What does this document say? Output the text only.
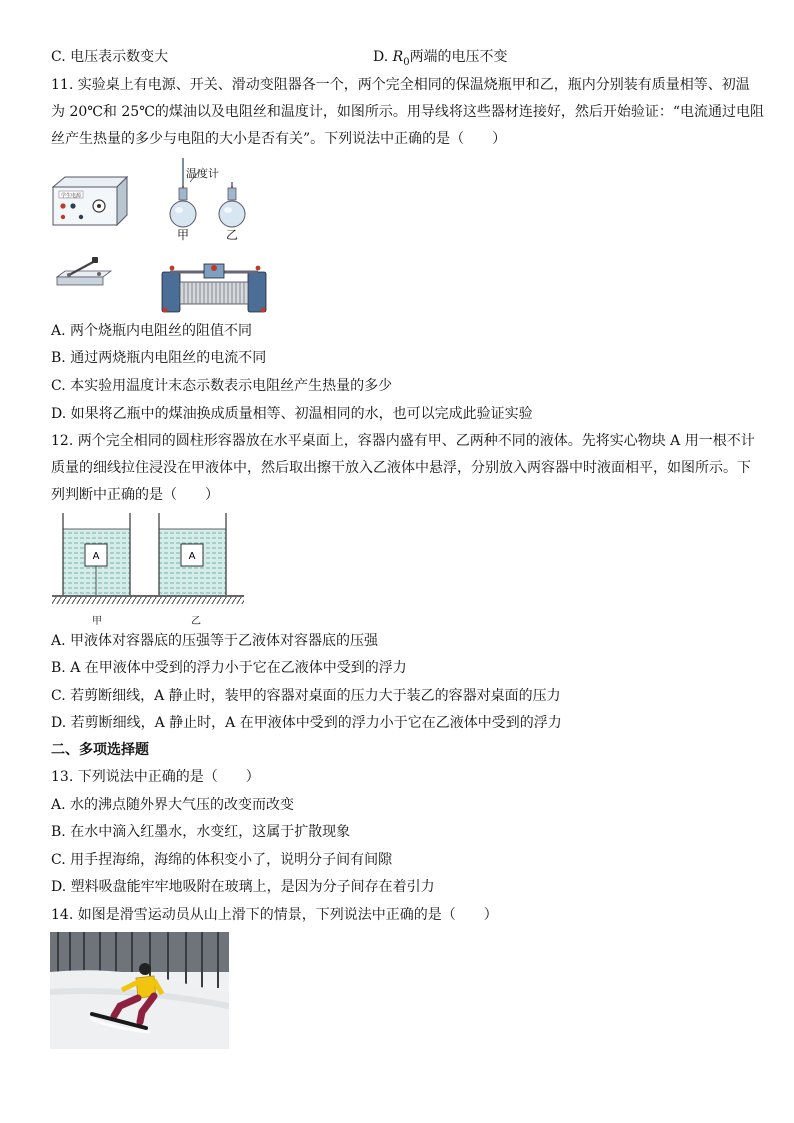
C. 电压表示数变大	D. $R_0$两端的电压不变
11. 实验桌上有电源、开关、滑动变阻器各一个，两个完全相同的保温烧瓶甲和乙，瓶内分别装有质量相等、初温
为 20℃和 25℃的煤油以及电阻丝和温度计，如图所示。用导线将这些器材连接好，然后开始验证：“电流通过电阻
丝产生热量的多少与电阻的大小是否有关”。下列说法中正确的是（　　）
学生电源
温度计
甲	乙
A. 两个烧瓶内电阻丝的阻值不同
B. 通过两烧瓶内电阻丝的电流不同
C. 本实验用温度计末态示数表示电阻丝产生热量的多少
D. 如果将乙瓶中的煤油换成质量相等、初温相同的水，也可以完成此验证实验
12. 两个完全相同的圆柱形容器放在水平桌面上，容器内盛有甲、乙两种不同的液体。先将实心物块 A 用一根不计
质量的细线拉住浸没在甲液体中，然后取出擦干放入乙液体中悬浮，分别放入两容器中时液面相平，如图所示。下
列判断中正确的是（　　）
A	A
甲	乙
A. 甲液体对容器底的压强等于乙液体对容器底的压强
B. A 在甲液体中受到的浮力小于它在乙液体中受到的浮力
C. 若剪断细线，A 静止时，装甲的容器对桌面的压力大于装乙的容器对桌面的压力
D. 若剪断细线，A 静止时，A 在甲液体中受到的浮力小于它在乙液体中受到的浮力
二、多项选择题
13. 下列说法中正确的是（　　）
A. 水的沸点随外界大气压的改变而改变
B. 在水中滴入红墨水，水变红，这属于扩散现象
C. 用手捏海绵，海绵的体积变小了，说明分子间有间隙
D. 塑料吸盘能牢牢地吸附在玻璃上，是因为分子间存在着引力
14. 如图是滑雪运动员从山上滑下的情景，下列说法中正确的是（　　）
